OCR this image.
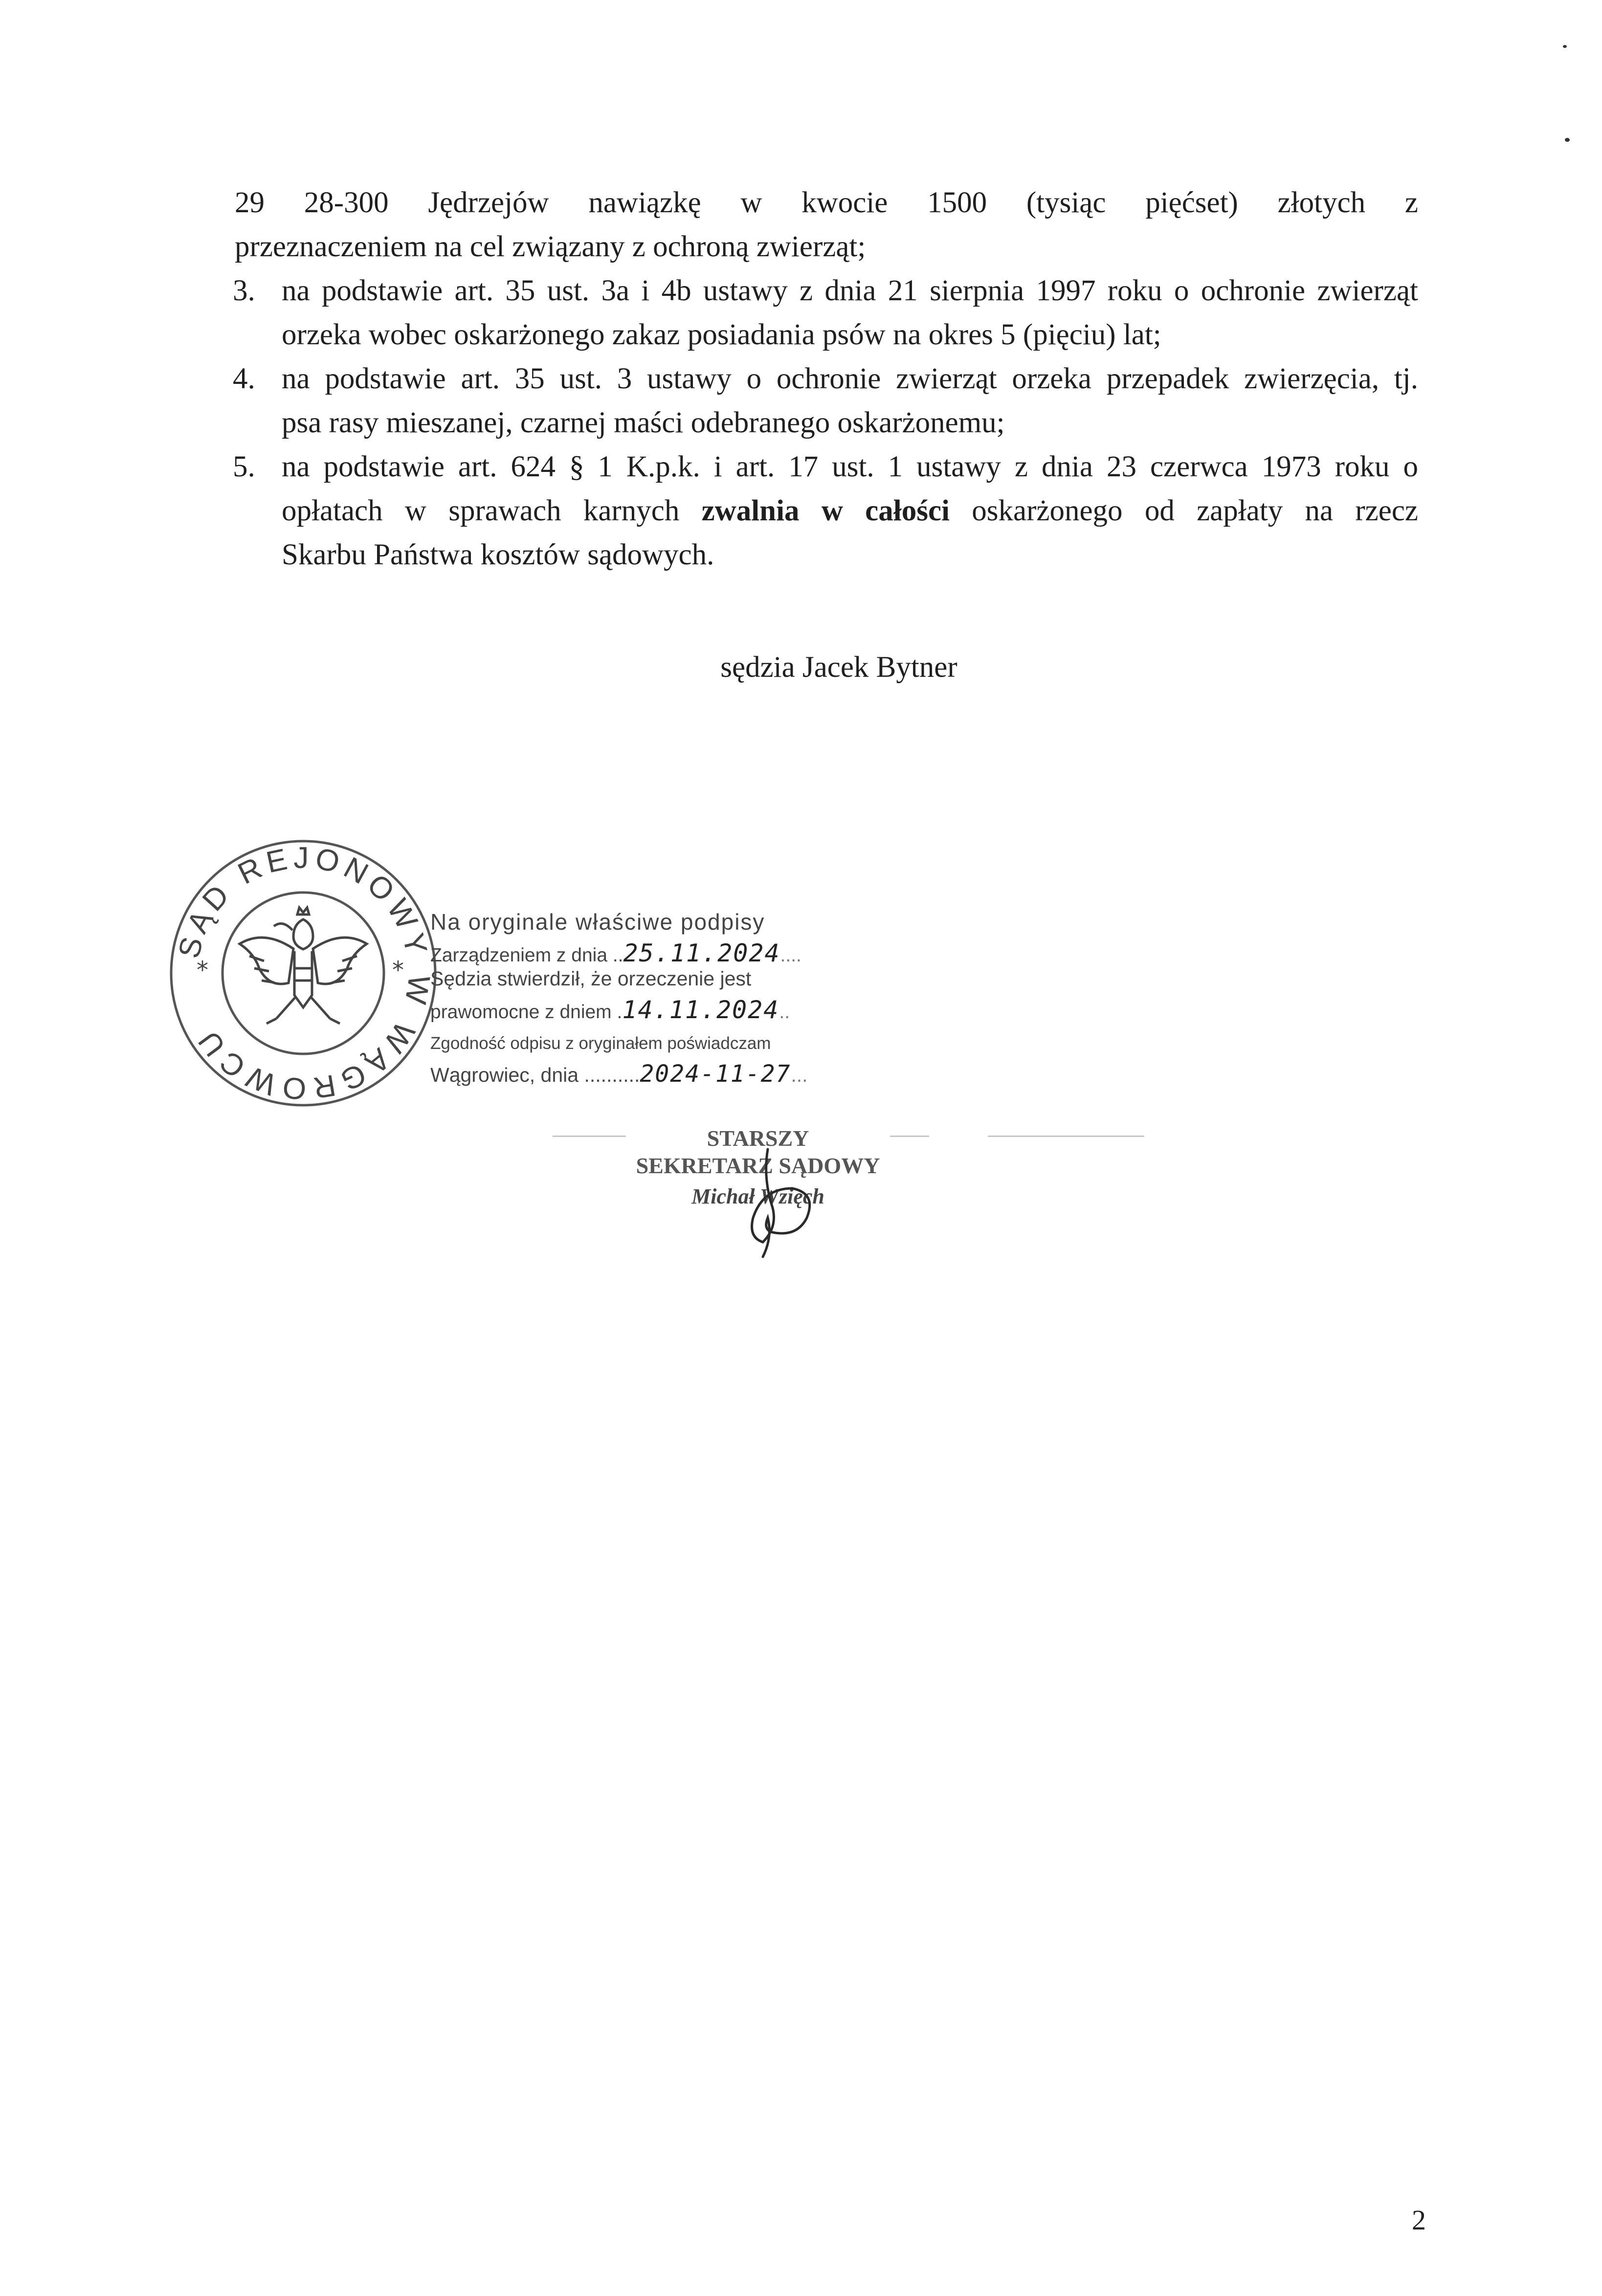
29 28-300 Jędrzejów nawiązkę w kwocie 1500 (tysiąc pięćset) złotych z

przeznaczeniem na cel związany z ochroną zwierząt;

3. na podstawie art. 35 ust. 3a i 4b ustawy z dnia 21 sierpnia 1997 roku o ochronie zwierząt
orzeka wobec oskarżonego zakaz posiadania psów na okres 5 (pięciu) lat;
4. na podstawie art. 35 ust. 3 ustawy o ochronie zwierząt orzeka przepadek zwierzęcia, tj.
psa rasy mieszanej, czarnej maści odebranego oskarżonemu;
5. na podstawie art. 624 § 1 K.p.k. i art. 17 ust. 1 ustawy z dnia 23 czerwca 1973 roku o
opłatach w sprawach karnych zwalnia w całości oskarżonego od zapłaty na rzecz
Skarbu Państwa kosztów sądowych.
sędzia Jacek Bytner
SĄD REJONOWY W WĄGROWCU
*	*
Na oryginale właściwe podpisy
Zarządzeniem z dnia ..25.11.2024....
Sędzia stwierdził, że orzeczenie jest
prawomocne z dniem .14.11.2024..
Zgodność odpisu z oryginałem poświadczam
Wągrowiec, dnia ..........2024-11-27...
STARSZY
SEKRETARZ SĄDOWY
Michał Wzięch
2
